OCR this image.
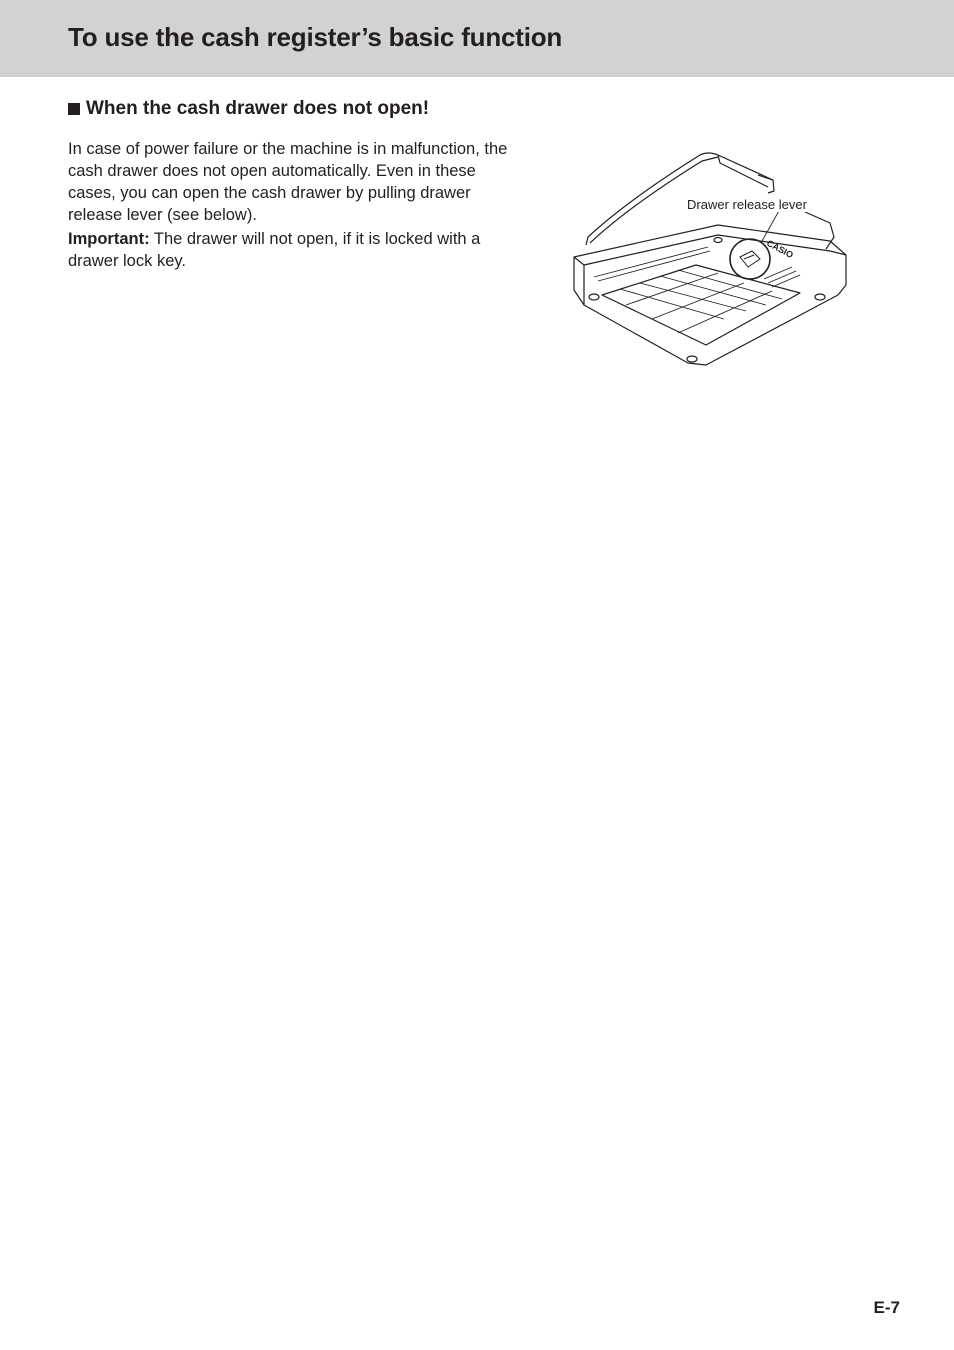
To use the cash register’s basic function
When the cash drawer does not open!

In case of power failure or the machine is in malfunction, the cash drawer does not open automatically. Even in these cases, you can open the cash drawer by pulling drawer release lever (see below).

Important: The drawer will not open, if it is locked with a drawer lock key.

CASIO
Drawer release lever
E-7
